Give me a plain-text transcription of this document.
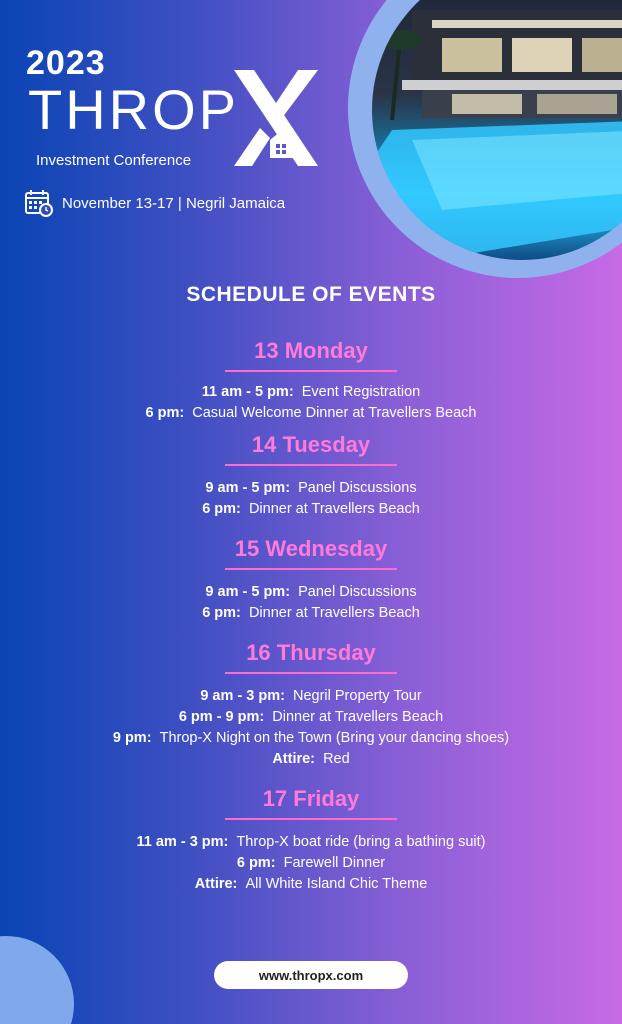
2023
THROP
Investment Conference
November 13-17 | Negril Jamaica
SCHEDULE OF EVENTS
13 Monday
11 am - 5 pm: Event Registration
6 pm: Casual Welcome Dinner at Travellers Beach
14 Tuesday
9 am - 5 pm: Panel Discussions
6 pm: Dinner at Travellers Beach
15 Wednesday
9 am - 5 pm: Panel Discussions
6 pm: Dinner at Travellers Beach
16 Thursday
9 am - 3 pm: Negril Property Tour
6 pm - 9 pm: Dinner at Travellers Beach
9 pm: Throp-X Night on the Town (Bring your dancing shoes)
Attire: Red
17 Friday
11 am - 3 pm: Throp-X boat ride (bring a bathing suit)
6 pm: Farewell Dinner
Attire: All White Island Chic Theme
www.thropx.com
